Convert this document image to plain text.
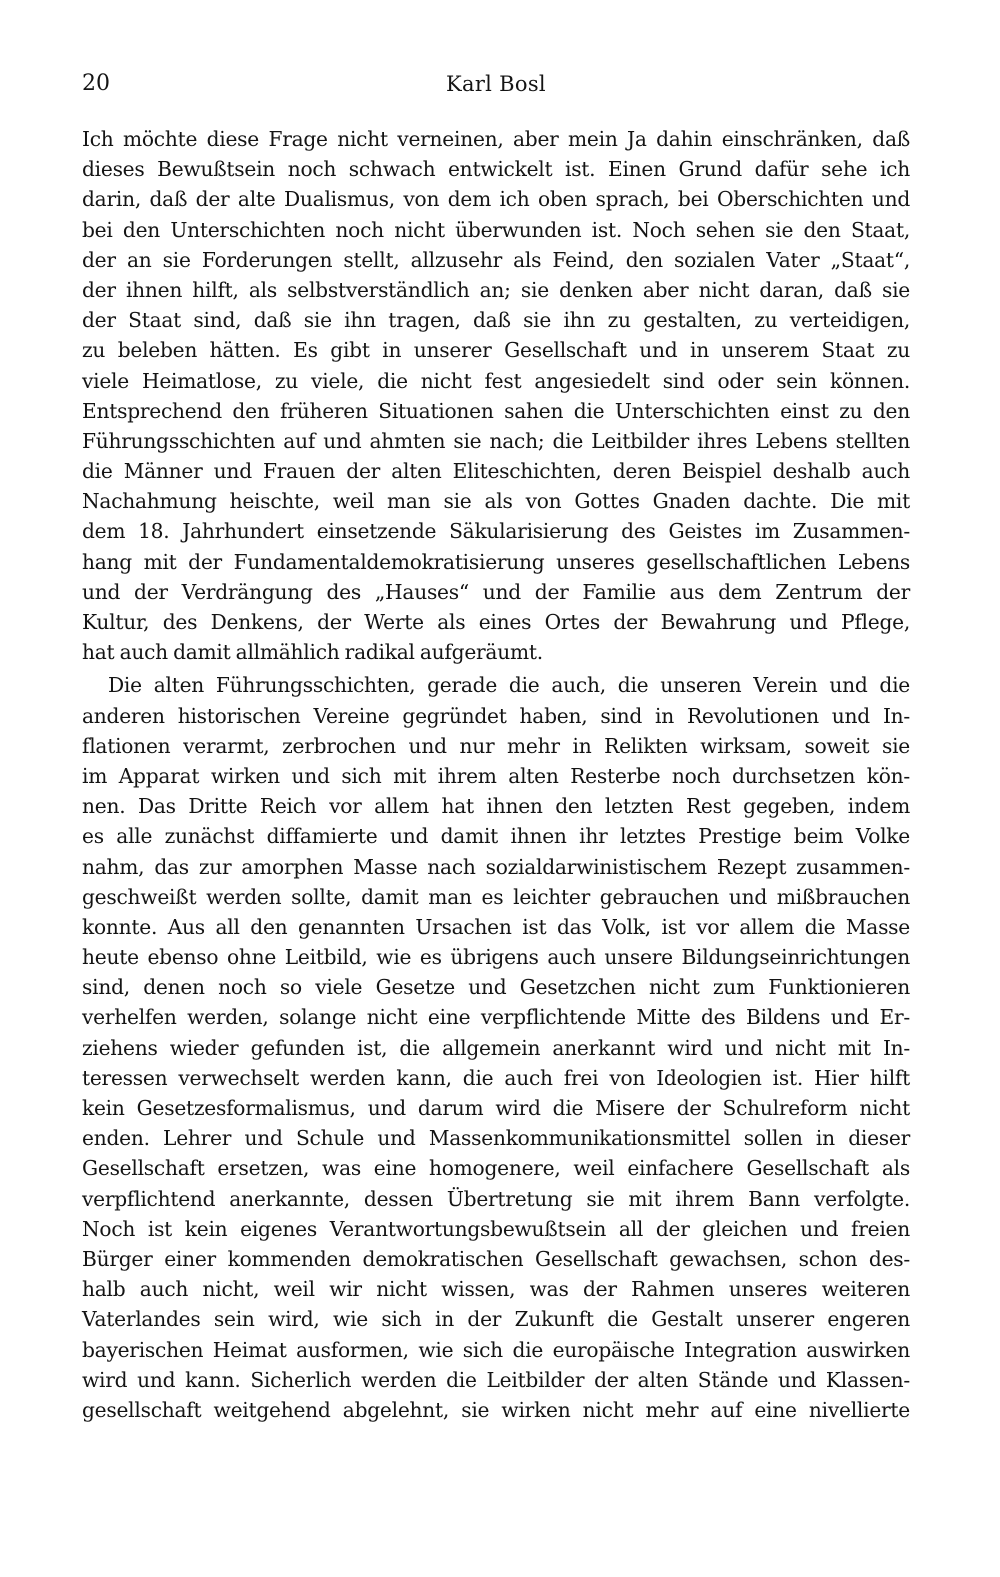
20	Karl Bosl
Ich möchte diese Frage nicht verneinen, aber mein Ja dahin einschränken, daß
dieses Bewußtsein noch schwach entwickelt ist. Einen Grund dafür sehe ich
darin, daß der alte Dualismus, von dem ich oben sprach, bei Oberschichten und
bei den Unterschichten noch nicht überwunden ist. Noch sehen sie den Staat,
der an sie Forderungen stellt, allzusehr als Feind, den sozialen Vater „Staat“,
der ihnen hilft, als selbstverständlich an; sie denken aber nicht daran, daß sie
der Staat sind, daß sie ihn tragen, daß sie ihn zu gestalten, zu verteidigen,
zu beleben hätten. Es gibt in unserer Gesellschaft und in unserem Staat zu
viele Heimatlose, zu viele, die nicht fest angesiedelt sind oder sein können.
Entsprechend den früheren Situationen sahen die Unterschichten einst zu den
Führungsschichten auf und ahmten sie nach; die Leitbilder ihres Lebens stellten
die Männer und Frauen der alten Eliteschichten, deren Beispiel deshalb auch
Nachahmung heischte, weil man sie als von Gottes Gnaden dachte. Die mit
dem 18. Jahrhundert einsetzende Säkularisierung des Geistes im Zusammen-
hang mit der Fundamentaldemokratisierung unseres gesellschaftlichen Lebens
und der Verdrängung des „Hauses“ und der Familie aus dem Zentrum der
Kultur, des Denkens, der Werte als eines Ortes der Bewahrung und Pflege,
hat auch damit allmählich radikal aufgeräumt.
Die alten Führungsschichten, gerade die auch, die unseren Verein und die
anderen historischen Vereine gegründet haben, sind in Revolutionen und In-
flationen verarmt, zerbrochen und nur mehr in Relikten wirksam, soweit sie
im Apparat wirken und sich mit ihrem alten Resterbe noch durchsetzen kön-
nen. Das Dritte Reich vor allem hat ihnen den letzten Rest gegeben, indem
es alle zunächst diffamierte und damit ihnen ihr letztes Prestige beim Volke
nahm, das zur amorphen Masse nach sozialdarwinistischem Rezept zusammen-
geschweißt werden sollte, damit man es leichter gebrauchen und mißbrauchen
konnte. Aus all den genannten Ursachen ist das Volk, ist vor allem die Masse
heute ebenso ohne Leitbild, wie es übrigens auch unsere Bildungseinrichtungen
sind, denen noch so viele Gesetze und Gesetzchen nicht zum Funktionieren
verhelfen werden, solange nicht eine verpflichtende Mitte des Bildens und Er-
ziehens wieder gefunden ist, die allgemein anerkannt wird und nicht mit In-
teressen verwechselt werden kann, die auch frei von Ideologien ist. Hier hilft
kein Gesetzesformalismus, und darum wird die Misere der Schulreform nicht
enden. Lehrer und Schule und Massenkommunikationsmittel sollen in dieser
Gesellschaft ersetzen, was eine homogenere, weil einfachere Gesellschaft als
verpflichtend anerkannte, dessen Übertretung sie mit ihrem Bann verfolgte.
Noch ist kein eigenes Verantwortungsbewußtsein all der gleichen und freien
Bürger einer kommenden demokratischen Gesellschaft gewachsen, schon des-
halb auch nicht, weil wir nicht wissen, was der Rahmen unseres weiteren
Vaterlandes sein wird, wie sich in der Zukunft die Gestalt unserer engeren
bayerischen Heimat ausformen, wie sich die europäische Integration auswirken
wird und kann. Sicherlich werden die Leitbilder der alten Stände und Klassen-
gesellschaft weitgehend abgelehnt, sie wirken nicht mehr auf eine nivellierte
